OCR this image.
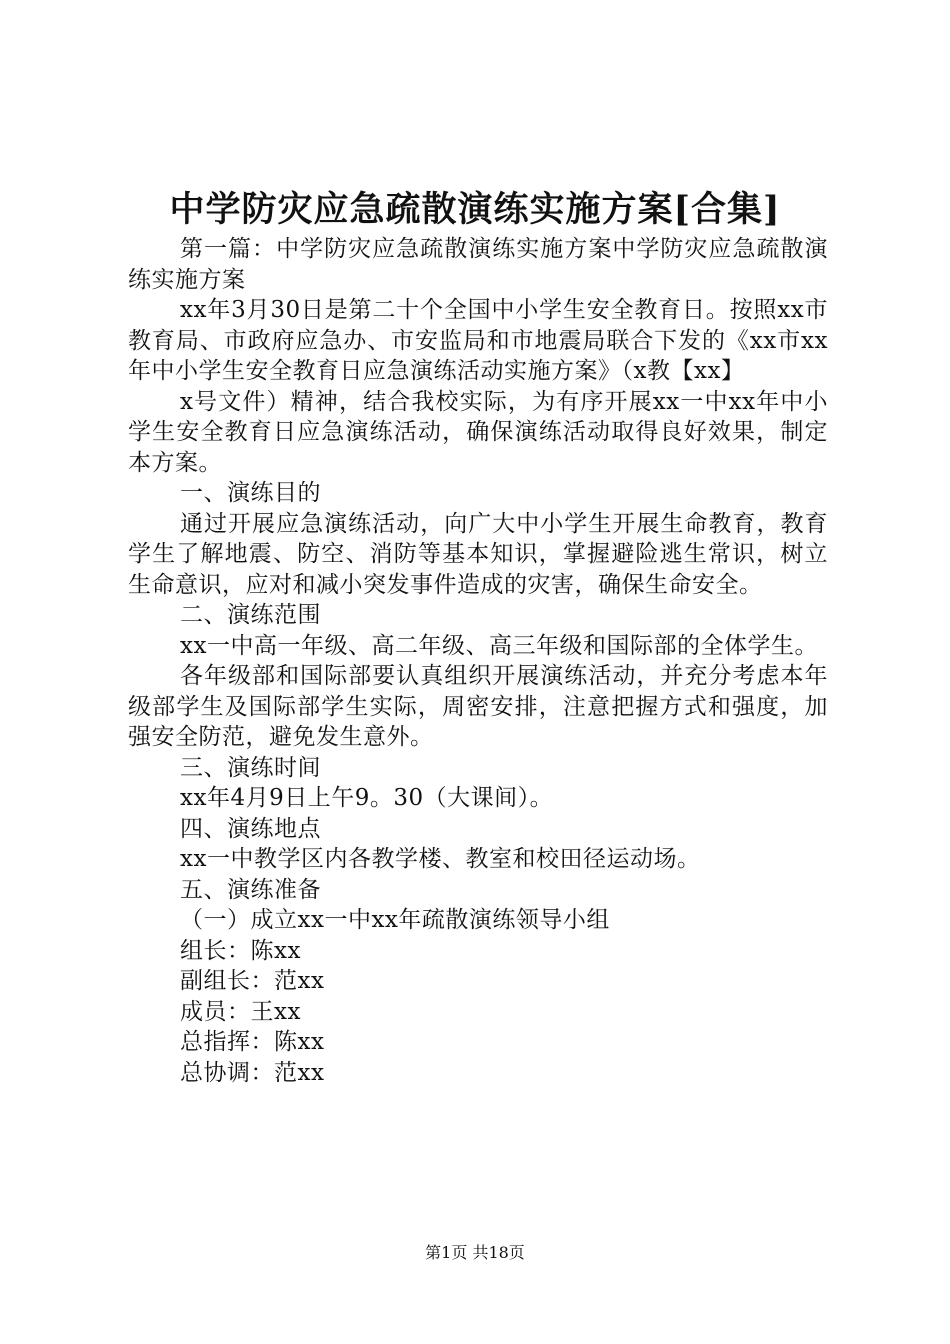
中学防灾应急疏散演练实施方案[合集]

第一篇：中学防灾应急疏散演练实施方案中学防灾应急疏散演练实施方案

xx年3月30日是第二十个全国中小学生安全教育日。按照xx市教育局、市政府应急办、市安监局和市地震局联合下发的《xx市xx年中小学生安全教育日应急演练活动实施方案》（x教【xx】

x号文件）精神，结合我校实际，为有序开展xx一中xx年中小学生安全教育日应急演练活动，确保演练活动取得良好效果，制定本方案。

一、演练目的

通过开展应急演练活动，向广大中小学生开展生命教育，教育学生了解地震、防空、消防等基本知识，掌握避险逃生常识，树立生命意识，应对和减小突发事件造成的灾害，确保生命安全。

二、演练范围

xx一中高一年级、高二年级、高三年级和国际部的全体学生。

各年级部和国际部要认真组织开展演练活动，并充分考虑本年级部学生及国际部学生实际，周密安排，注意把握方式和强度，加强安全防范，避免发生意外。

三、演练时间

xx年4月9日上午9。30（大课间）。

四、演练地点

xx一中教学区内各教学楼、教室和校田径运动场。

五、演练准备

（一）成立xx一中xx年疏散演练领导小组

组长：陈xx

副组长：范xx

成员：王xx

总指挥：陈xx

总协调：范xx

第1页 共18页
